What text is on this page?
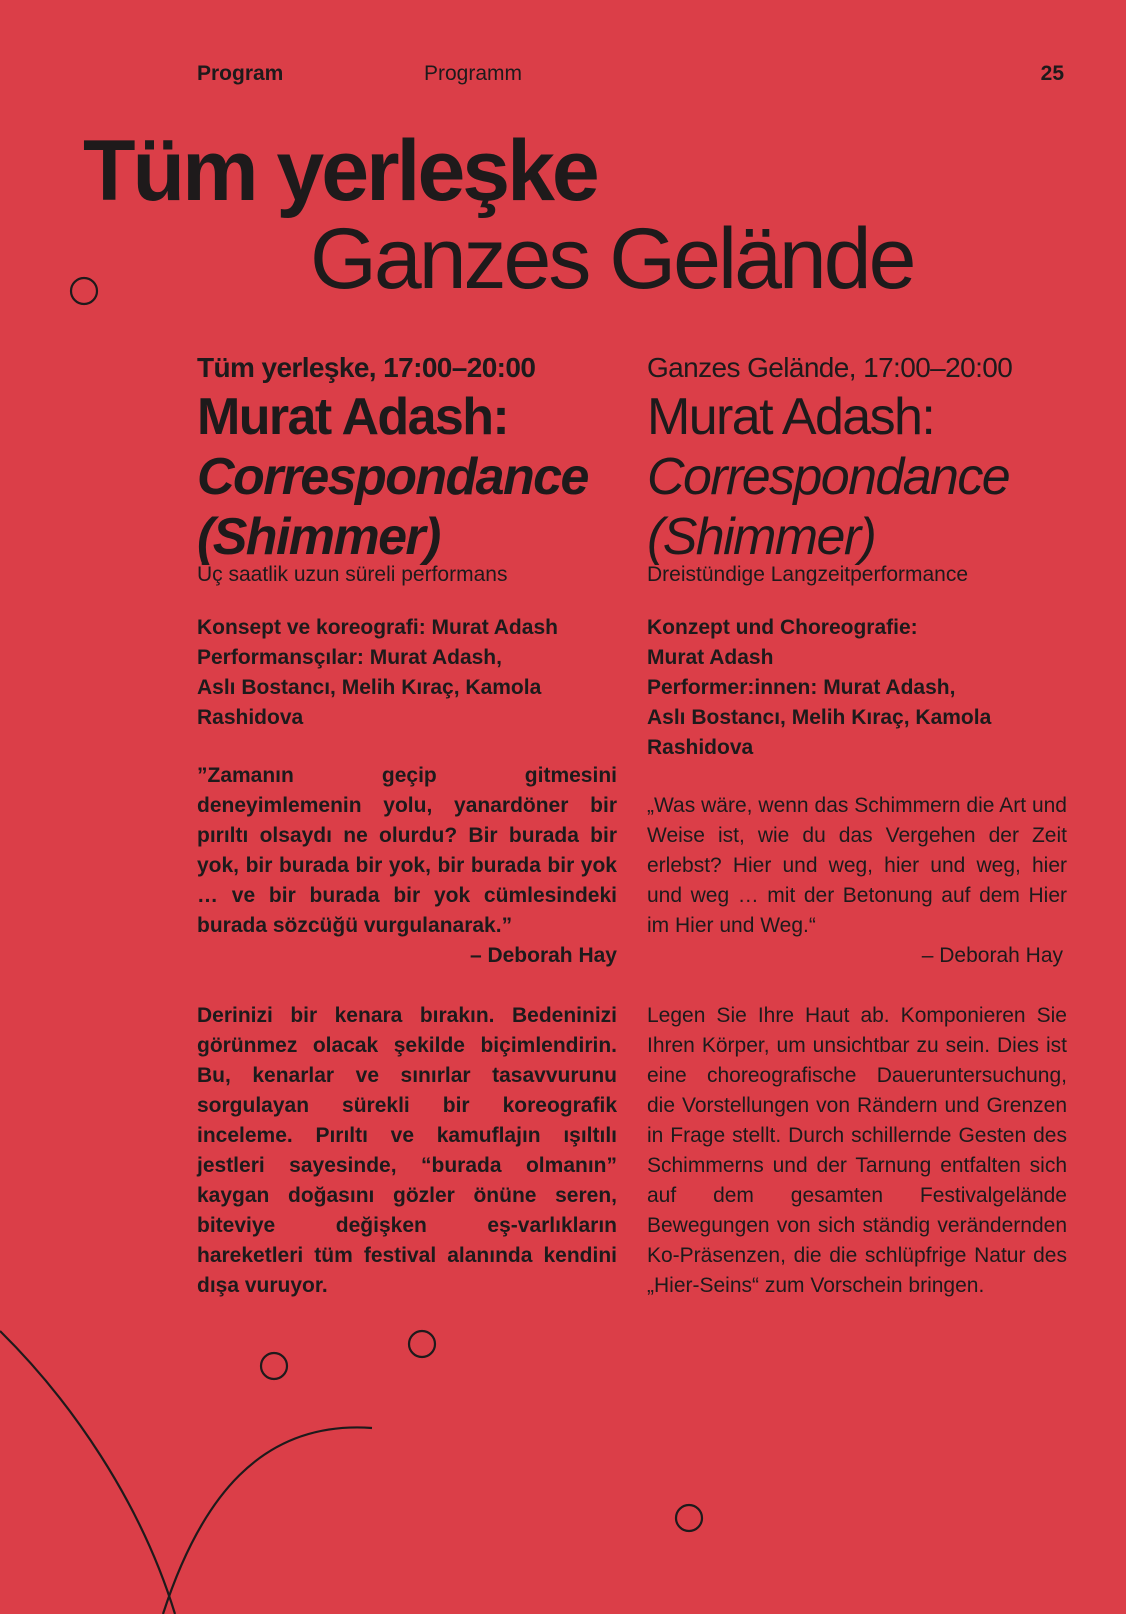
Program	Programm	25
Tüm yerleşke
Ganzes Gelände
Tüm yerleşke, 17:00–20:00
Murat Adash:
Correspondance
(Shimmer)
Üç saatlik uzun süreli performans
Konsept ve koreografi: Murat Adash
Performansçılar: Murat Adash,
Aslı Bostancı, Melih Kıraç, Kamola
Rashidova
”Zamanın geçip gitmesini deneyimlemenin yolu, yanardöner bir pırıltı olsaydı ne olurdu? Bir burada bir yok, bir burada bir yok, bir burada bir yok … ve bir burada bir yok cümlesindeki burada sözcüğü vurgulanarak.”
– Deborah Hay
Derinizi bir kenara bırakın. Bedeninizi görünmez olacak şekilde biçimlendirin. Bu, kenarlar ve sınırlar tasavvurunu sorgulayan sürekli bir koreografik inceleme. Pırıltı ve kamuflajın ışıltılı jestleri sayesinde, “burada olmanın” kaygan doğasını gözler önüne seren, biteviye değişken eş-varlıkların hareketleri tüm festival alanında kendini dışa vuruyor.
Ganzes Gelände, 17:00–20:00
Murat Adash:
Correspondance
(Shimmer)
Dreistündige Langzeitperformance
Konzept und Choreografie:
Murat Adash
Performer:innen: Murat Adash,
Aslı Bostancı, Melih Kıraç, Kamola
Rashidova
„Was wäre, wenn das Schimmern die Art und Weise ist, wie du das Vergehen der Zeit erlebst? Hier und weg, hier und weg, hier und weg … mit der Betonung auf dem Hier im Hier und Weg.“
– Deborah Hay
Legen Sie Ihre Haut ab. Komponieren Sie Ihren Körper, um unsichtbar zu sein. Dies ist eine choreografische Daueruntersuchung, die Vorstellungen von Rändern und Grenzen in Frage stellt. Durch schillernde Gesten des Schimmerns und der Tarnung entfalten sich auf dem gesamten Festivalgelände Bewegungen von sich ständig verändernden Ko-Präsenzen, die die schlüpfrige Natur des „Hier-Seins“ zum Vorschein bringen.
